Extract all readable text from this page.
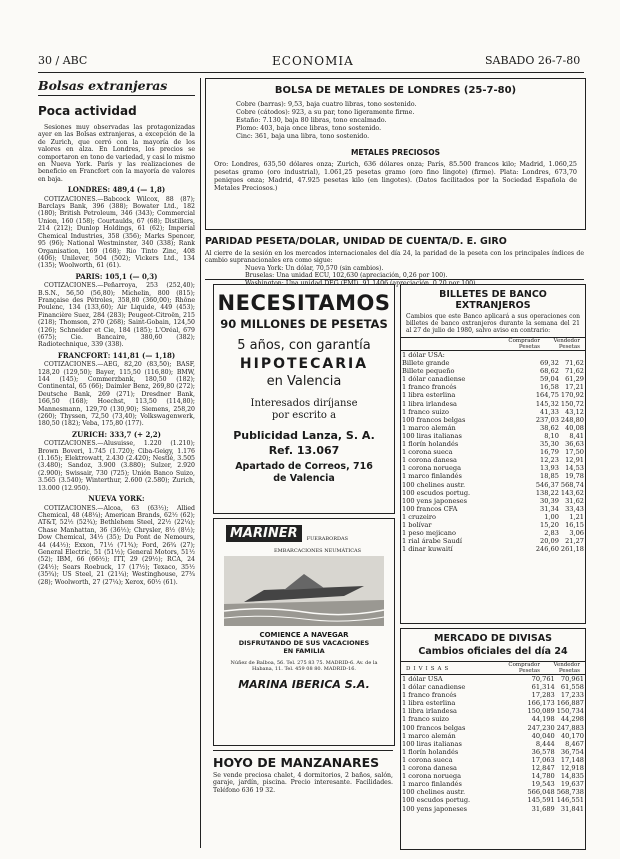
30 / ABC	ECONOMIA	SABADO 26-7-80
Bolsas extranjeras
Poca actividad

Sesiones muy observadas las protagonizadas ayer en las Bolsas extranjeras, a excepción de la de Zurich, que cerró con la mayoría de los valores en alza. En Londres, los precios se comportaron en tono de variedad, y casi lo mismo en Nueva York. París y las realizaciones de beneficio en Francfort con la mayoría de valores en baja.

LONDRES: 489,4 (— 1,8)

COTIZACIONES.—Babcock Wilcox, 88 (87); Barclays Bank, 396 (388); Bowater Ltd., 182 (180); British Petroleum, 346 (343); Commercial Union, 160 (158); Courtaulds, 67 (68); Distillers, 214 (212); Dunlop Holdings, 61 (62); Imperial Chemical Industries, 358 (356); Marks Spencer, 95 (96); National Westminster, 340 (338); Rank Organisation, 169 (168); Rio Tinto Zinc, 408 (406); Unilever, 504 (502); Vickers Ltd., 134 (135); Woolworth, 61 (61).

PARIS: 105,1 (— 0,3)

COTIZACIONES.—Peñarroya, 253 (252,40); B.S.N., 56,50 (56,80); Michelin, 800 (815); Française des Pétroles, 358,80 (360,00); Rhône Poulenc, 134 (133,60); Air Liquide, 449 (453); Financière Suez, 284 (283); Peugeot-Citroën, 215 (218); Thomson, 270 (268); Saint-Gobain, 124,50 (126); Schneider et Cie, 184 (185); L'Oréal, 679 (675); Cie. Bancaire, 380,60 (382); Radiotechnique, 339 (338).

FRANCFORT: 141,81 (— 1,18)

COTIZACIONES.—AEG, 82,20 (83,50); BASF, 128,20 (129,50); Bayer, 115,50 (116,80); BMW, 144 (145); Commerzbank, 180,50 (182); Continental, 65 (66); Daimler Benz, 269,80 (272); Deutsche Bank, 269 (271); Dresdner Bank, 166,50 (168); Hoechst, 113,50 (114,80); Mannesmann, 129,70 (130,90); Siemens, 258,20 (260); Thyssen, 72,50 (73,40); Volkswagenwerk, 180,50 (182); Veba, 175,80 (177).

ZURICH: 333,7 (+ 2,2)

COTIZACIONES.—Alusuisse, 1.220 (1.210); Brown Boveri, 1.745 (1.720); Ciba-Geigy, 1.176 (1.165); Elektrowatt, 2.430 (2.420); Nestlé, 3.505 (3.480); Sandoz, 3.900 (3.880); Sulzer, 2.920 (2.900); Swissair, 730 (725); Unión Banco Suizo, 3.565 (3.540); Winterthur, 2.600 (2.580); Zurich, 13.000 (12.950).

NUEVA YORK:

COTIZACIONES.—Alcoa, 63 (63½); Allied Chemical, 48 (48¼); American Brands, 62½ (62); AT&T, 52½ (52¾); Bethlehem Steel, 22½ (22¼); Chase Manhattan, 36 (36½); Chrysler, 8½ (8½); Dow Chemical, 34½ (35); Du Pont de Nemours, 44 (44½); Exxon, 71½ (71¾); Ford, 26¾ (27); General Electric, 51 (51½); General Motors, 51½ (52); IBM, 66 (66½); ITT, 29 (29½); RCA, 24 (24½); Sears Roebuck, 17 (17½); Texaco, 35½ (35¾); US Steel, 21 (21¼); Westinghouse, 27¾ (28); Woolworth, 27 (27¼); Xerox, 60½ (61).

BOLSA DE METALES DE LONDRES (25-7-80)
Cobre (barras): 9,53, baja cuatro libras, tono sostenido.
Cobre (cátodos): 923, a su par, tono ligeramente firme.
Estaño: 7.130, baja 80 libras, tono encalmado.
Plomo: 403, baja once libras, tono sostenido.
Cinc: 361, baja una libra, tono sostenido.
METALES PRECIOSOS
Oro: Londres, 635,50 dólares onza; Zurich, 636 dólares onza; París, 85.500 francos kilo; Madrid, 1.060,25 pesetas gramo (oro industrial), 1.061,25 pesetas gramo (oro fino lingote) (firme). Plata: Londres, 673,70 peniques onza; Madrid, 47.925 pesetas kilo (en lingotes). (Datos facilitados por la Sociedad Española de Metales Preciosos.)
PARIDAD PESETA/DOLAR, UNIDAD DE CUENTA/D. E. GIRO
Al cierre de la sesión en los mercados internacionales del día 24, la paridad de la peseta con los principales índices de cambio supranacionales era como sigue:
Nueva York: Un dólar, 70,570 (sin cambios).
Bruselas: Una unidad ECU, 102,630 (apreciación, 0,26 por 100).
NECESITAMOS
90 MILLONES DE PESETAS
5 años, con garantía
HIPOTECARIA
en Valencia
Interesados diríjanse
por escrito a
Publicidad Lanza, S. A.
Ref. 13.067
Apartado de Correos, 716
de Valencia
MARINER	FUERABORDAS
EMBARCACIONES NEUMÁTICAS
COMIENCE A NAVEGAR
DISFRUTANDO DE SUS VACACIONES
EN FAMILIA
Núñez de Balboa, 56. Tel. 275 83 75. MADRID-6. Av. de la Habana, 11. Tel. 459 08 80. MADRID-16.
MARINA IBERICA S.A.
HOYO DE MANZANARES
Se vende preciosa chalet, 4 dormitorios, 2 baños, salón, garaje, jardín, piscina. Precio interesante. Facilidades. Teléfono 636 19 32.
BILLETES DE BANCO
EXTRANJEROS
Cambios que este Banco aplicará a sus operaciones con billetes de banco extranjeros durante la semana del 21 al 27 de julio de 1980, salvo aviso en contrario:
Comprador
Pesetas
Vendedor
Pesetas
1 dólar USA:		
Billete grande	69,32	71,62
Billete pequeño	68,62	71,62
1 dólar canadiense	59,04	61,29
1 franco francés	16,58	17,21
1 libra esterlina	164,75	170,92
1 libra irlandesa	145,32	150,72
1 franco suizo	41,33	43,12
100 francos belgas	237,03	248,80
1 marco alemán	38,62	40,08
100 liras italianas	8,10	8,41
1 florín holandés	35,30	36,63
1 corona sueca	16,79	17,50
1 corona danesa	12,23	12,91
1 corona noruega	13,93	14,53
1 marco finlandés	18,85	19,78
100 chelines austr.	546,37	568,74
100 escudos portug.	138,22	143,62
100 yens japoneses	30,39	31,62
100 francos CFA	31,34	33,43
1 cruzeiro	1,00	1,21
1 bolívar	15,20	16,15
1 peso mejicano	2,83	3,06
1 rial árabe Saudí	20,09	21,27
1 dinar kuwaití	246,60	261,18
MERCADO DE DIVISAS
Cambios oficiales del día 24
DIVISAS
Comprador
Pesetas
Vendedor
Pesetas
1 dólar USA	70,761	70,961
1 dólar canadiense	61,314	61,558
1 franco francés	17,283	17,233
1 libra esterlina	166,173	166,887
1 libra irlandesa	150,089	150,734
1 franco suizo	44,198	44,298
100 francos belgas	247,230	247,883
1 marco alemán	40,040	40,170
100 liras italianas	8,444	8,467
1 florín holandés	36,578	36,754
1 corona sueca	17,063	17,148
1 corona danesa	12,847	12,918
1 corona noruega	14,780	14,835
1 marco finlandés	19,543	19,637
100 chelines austr.	566,048	568,738
100 escudos portug.	145,591	146,551
100 yens japoneses	31,689	31,841
